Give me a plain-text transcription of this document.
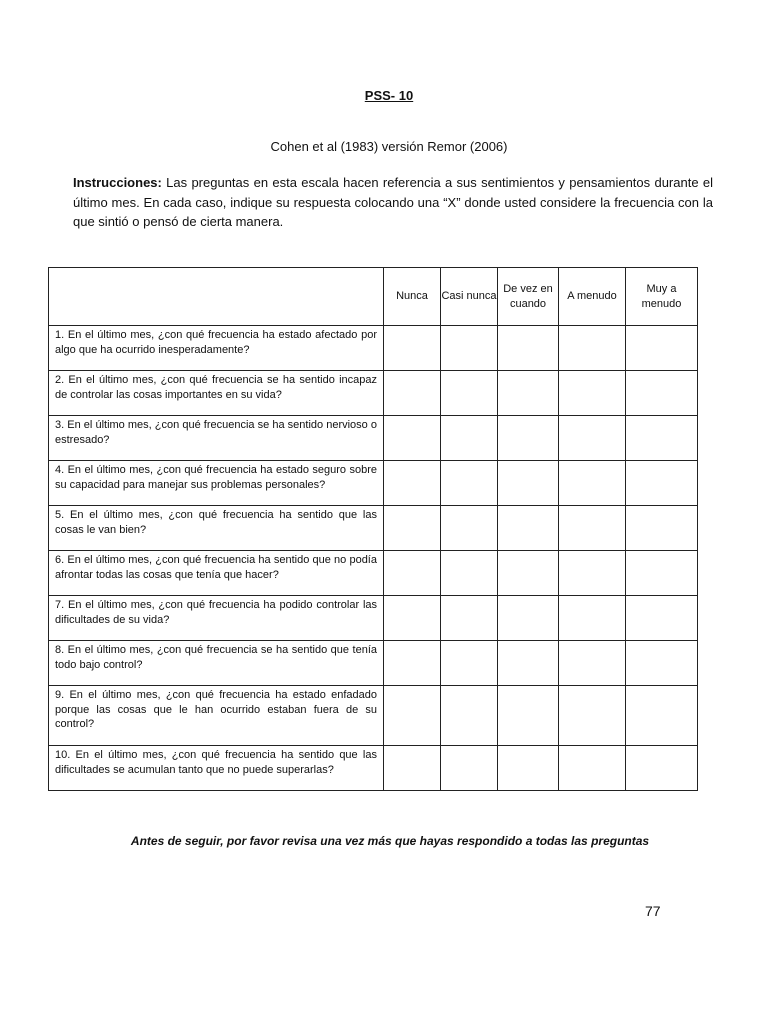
PSS- 10
Cohen et al (1983) versión Remor (2006)

Instrucciones: Las preguntas en esta escala hacen referencia a sus sentimientos y pensamientos durante el último mes. En cada caso, indique su respuesta colocando una “X” donde usted considere la frecuencia con la que sintió o pensó de cierta manera.

	Nunca	Casi nunca	De vez en cuando	A menudo	Muy a menudo
1. En el último mes, ¿con qué frecuencia ha estado afectado por algo que ha ocurrido inesperadamente?					
2. En el último mes, ¿con qué frecuencia se ha sentido incapaz de controlar las cosas importantes en su vida?					
3. En el último mes, ¿con qué frecuencia se ha sentido nervioso o estresado?					
4. En el último mes, ¿con qué frecuencia ha estado seguro sobre su capacidad para manejar sus problemas personales?					
5. En el último mes, ¿con qué frecuencia ha sentido que las cosas le van bien?					
6. En el último mes, ¿con qué frecuencia ha sentido que no podía afrontar todas las cosas que tenía que hacer?					
7. En el último mes, ¿con qué frecuencia ha podido controlar las dificultades de su vida?					
8. En el último mes, ¿con qué frecuencia se ha sentido que tenía todo bajo control?					
9. En el último mes, ¿con qué frecuencia ha estado enfadado porque las cosas que le han ocurrido estaban fuera de su control?					
10. En el último mes, ¿con qué frecuencia ha sentido que las dificultades se acumulan tanto que no puede superarlas?					

Antes de seguir, por favor revisa una vez más que hayas respondido a todas las preguntas

77
